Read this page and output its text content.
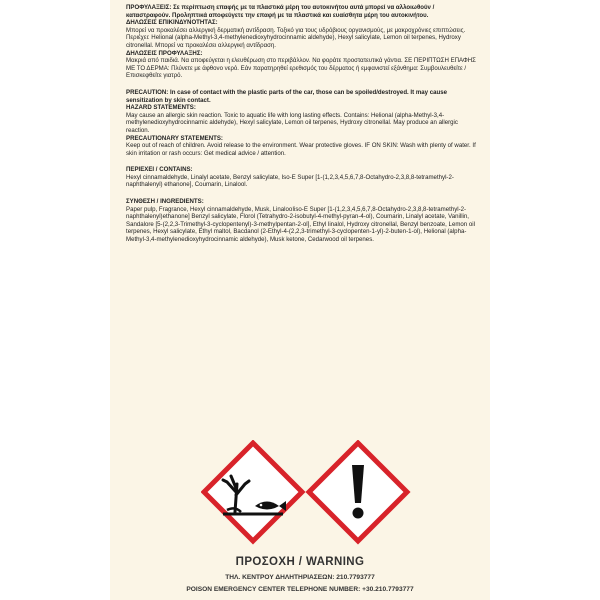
ΠΡΟΦΥΛΑΞΕΙΣ: Σε περίπτωση επαφής με τα πλαστικά μέρη του αυτοκινήτου αυτά μπορεί να αλλοιωθούν / καταστραφούν. Προληπτικά αποφεύγετε την επαφή με τα πλαστικά και ευαίσθητα μέρη του αυτοκινήτου.

ΔΗΛΩΣΕΙΣ ΕΠΙΚΙΝΔΥΝΟΤΗΤΑΣ:

Μπορεί να προκαλέσει αλλεργική δερματική αντίδραση. Τοξικό για τους υδρόβιους οργανισμούς, με μακροχρόνιες επιπτώσεις. Περιέχει: Helional (alpha-Methyl-3,4-methylenedioxyhydrocinnamic aldehyde), Hexyl salicylate, Lemon oil terpenes, Hydroxy citronellal. Μπορεί να προκαλέσει αλλεργική αντίδραση.

ΔΗΛΩΣΕΙΣ ΠΡΟΦΥΛΑΞΗΣ:

Μακριά από παιδιά. Να αποφεύγεται η ελευθέρωση στο περιβάλλον. Να φοράτε προστατευτικά γάντια. ΣΕ ΠΕΡΙΠΤΩΣΗ ΕΠΑΦΗΣ ΜΕ ΤΟ ΔΕΡΜΑ: Πλύνετε με άφθονο νερό. Εάν παρατηρηθεί ερεθισμός του δέρματος ή εμφανιστεί εξάνθημα: Συμβουλευθείτε / Επισκεφθείτε γιατρό.

PRECAUTION: In case of contact with the plastic parts of the car, those can be spoiled/destroyed. It may cause sensitization by skin contact.

HAZARD STATEMENTS:

May cause an allergic skin reaction. Toxic to aquatic life with long lasting effects. Contains: Helional (alpha-Methyl-3,4-methylenedioxyhydrocinnamic aldehyde), Hexyl salicylate, Lemon oil terpenes, Hydroxy citronellal. May produce an allergic reaction.

PRECAUTIONARY STATEMENTS:

Keep out of reach of children. Avoid release to the environment. Wear protective gloves. IF ON SKIN: Wash with plenty of water. If skin irritation or rash occurs: Get medical advice / attention.

ΠΕΡΙΕΧΕΙ / CONTAINS:

Hexyl cinnamaldehyde, Linalyl acetate, Benzyl salicylate, Iso-E Super [1-(1,2,3,4,5,6,7,8-Octahydro-2,3,8,8-tetramethyl-2-naphthalenyl) ethanone], Coumarin, Linalool.

ΣΥΝΘΕΣΗ / INGREDIENTS:

Paper pulp, Fragrance, Hexyl cinnamaldehyde, Musk, LinalooIiso-E Super [1-(1,2,3,4,5,6,7,8-Octahydro-2,3,8,8-tetramethyl-2-naphthalenyl)ethanone] Benzyl salicylate, Florol (Tetrahydro-2-isobutyl-4-methyl-pyran-4-ol), Coumarin, Linalyl acetate, Vanillin, Sandalore [5-(2,2,3-Trimethyl-3-cyclopentenyl)-3-methylpentan-2-ol], Ethyl linalol, Hydroxy citronellal, Benzyl benzoate, Lemon oil terpenes, Hexyl salicylate, Ethyl maltol, Bacdanol (2-Ethyl-4-(2,2,3-trimethyl-3-cyclopenten-1-yl)-2-buten-1-ol), Helional (alpha-Methyl-3,4-methylenedioxyhydrocinnamic aldehyde), Musk ketone, Cedarwood oil terpenes.

ΠΡΟΣΟΧΗ / WARNING
ΤΗΛ. ΚΕΝΤΡΟΥ ΔΗΛΗΤΗΡΙΑΣΕΩΝ: 210.7793777
POISON EMERGENCY CENTER TELEPHONE NUMBER: +30.210.7793777
